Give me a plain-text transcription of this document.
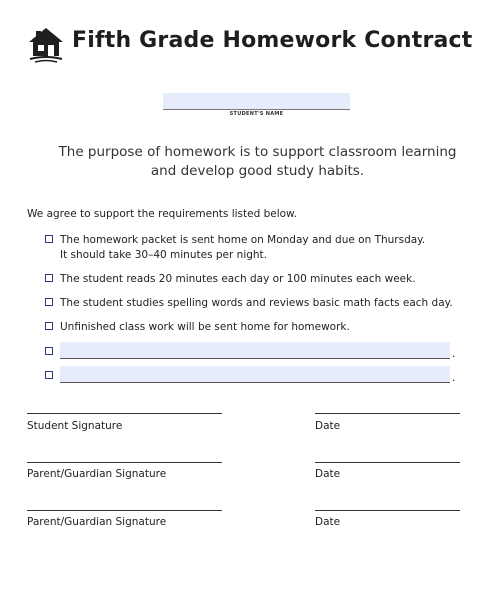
Fifth Grade Homework Contract
STUDENT'S NAME
The purpose of homework is to support classroom learning
and develop good study habits.
We agree to support the requirements listed below.
The homework packet is sent home on Monday and due on Thursday.
It should take 30–40 minutes per night.
The student reads 20 minutes each day or 100 minutes each week.
The student studies spelling words and reviews basic math facts each day.
Unfinished class work will be sent home for homework.
.
.
Student Signature	Date
Parent/Guardian Signature	Date
Parent/Guardian Signature	Date
